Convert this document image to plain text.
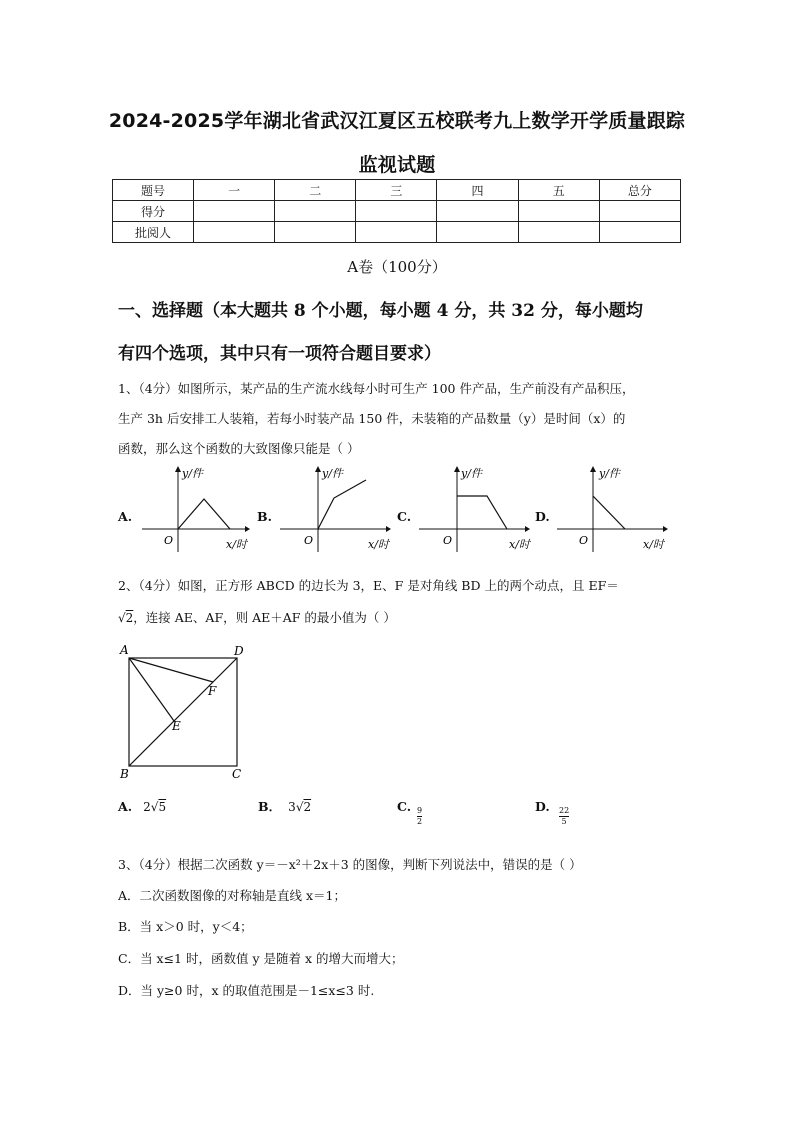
2024-2025学年湖北省武汉江夏区五校联考九上数学开学质量跟踪
监视试题
题号	一	二	三	四	五	总分
得分						
批阅人						
A卷（100分）
一、选择题（本大题共 8 个小题，每小题 4 分，共 32 分，每小题均
有四个选项，其中只有一项符合题目要求）
1、（4分）如图所示，某产品的生产流水线每小时可生产 100 件产品，生产前没有产品积压，
生产 3h 后安排工人装箱，若每小时装产品 150 件，未装箱的产品数量（y）是时间（x）的
函数，那么这个函数的大致图像只能是（ ）
A.
y/件
O	x/时
B.
y/件
O	x/时
C.
y/件
O	x/时
D.
y/件
O	x/时
2、（4分）如图，正方形 ABCD 的边长为 3，E、F 是对角线 BD 上的两个动点，且 EF＝
√2，连接 AE、AF，则 AE＋AF 的最小值为（ ）
A	D
B	C
E
F
A. 2√5	B． 3√2	C. $\frac{9}{2}$	D. $\frac{22}{5}$
3、（4分）根据二次函数 y＝－x²＋2x＋3 的图像，判断下列说法中，错误的是（ ）
A．二次函数图像的对称轴是直线 x＝1；
B．当 x＞0 时，y＜4；
C．当 x≤1 时，函数值 y 是随着 x 的增大而增大；
D．当 y≥0 时，x 的取值范围是－1≤x≤3 时.
